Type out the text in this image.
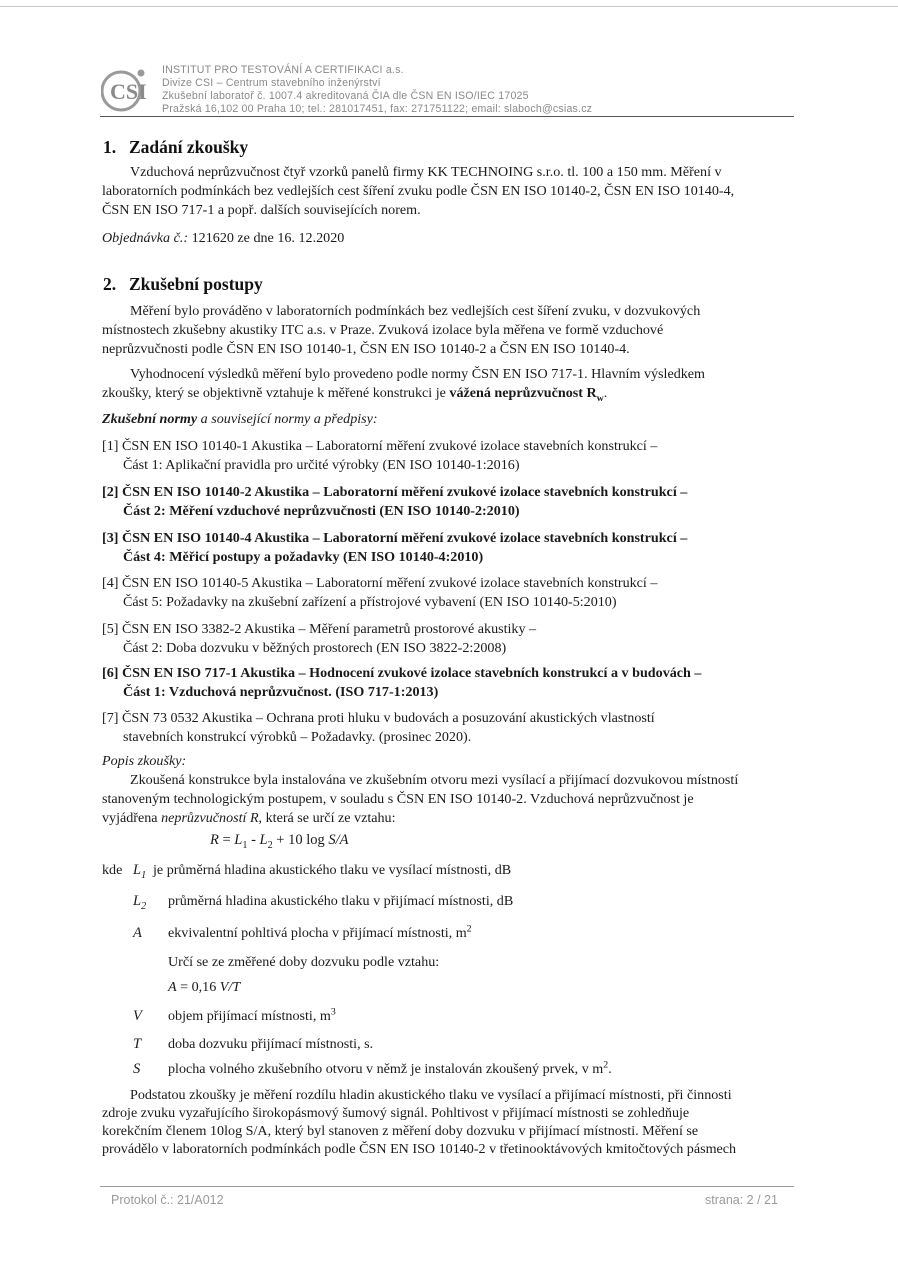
CSI
INSTITUT PRO TESTOVÁNÍ A CERTIFIKACI a.s.
Divize CSI – Centrum stavebního inženýrství
Zkušební laboratoř č. 1007.4 akreditovaná ČIA dle ČSN EN ISO/IEC 17025
Pražská 16,102 00 Praha 10; tel.: 281017451, fax: 271751122; email: slaboch@csias.cz
1. Zadání zkoušky
Vzduchová neprůzvučnost čtyř vzorků panelů firmy KK TECHNOING s.r.o. tl. 100 a 150 mm. Měření v
laboratorních podmínkách bez vedlejších cest šíření zvuku podle ČSN EN ISO 10140-2, ČSN EN ISO 10140-4,
ČSN EN ISO 717-1 a popř. dalších souvisejících norem.
Objednávka č.: 121620 ze dne 16. 12.2020
2. Zkušební postupy
Měření bylo prováděno v laboratorních podmínkách bez vedlejších cest šíření zvuku, v dozvukových
místnostech zkušebny akustiky ITC a.s. v Praze. Zvuková izolace byla měřena ve formě vzduchové
neprůzvučnosti podle ČSN EN ISO 10140-1, ČSN EN ISO 10140-2 a ČSN EN ISO 10140-4.
Vyhodnocení výsledků měření bylo provedeno podle normy ČSN EN ISO 717-1. Hlavním výsledkem
zkoušky, který se objektivně vztahuje k měřené konstrukci je vážená neprůzvučnost $R_w$.
Zkušební normy a související normy a předpisy:
[1] ČSN EN ISO 10140-1 Akustika – Laboratorní měření zvukové izolace stavebních konstrukcí –
Část 1: Aplikační pravidla pro určité výrobky (EN ISO 10140-1:2016)
[2] ČSN EN ISO 10140-2 Akustika – Laboratorní měření zvukové izolace stavebních konstrukcí –
Část 2: Měření vzduchové neprůzvučnosti (EN ISO 10140-2:2010)
[3] ČSN EN ISO 10140-4 Akustika – Laboratorní měření zvukové izolace stavebních konstrukcí –
Část 4: Měřicí postupy a požadavky (EN ISO 10140-4:2010)
[4] ČSN EN ISO 10140-5 Akustika – Laboratorní měření zvukové izolace stavebních konstrukcí –
Část 5: Požadavky na zkušební zařízení a přístrojové vybavení (EN ISO 10140-5:2010)
[5] ČSN EN ISO 3382-2 Akustika – Měření parametrů prostorové akustiky –
Část 2: Doba dozvuku v běžných prostorech (EN ISO 3822-2:2008)
[6] ČSN EN ISO 717-1 Akustika – Hodnocení zvukové izolace stavebních konstrukcí a v budovách –
Část 1: Vzduchová neprůzvučnost. (ISO 717-1:2013)
[7] ČSN 73 0532 Akustika – Ochrana proti hluku v budovách a posuzování akustických vlastností
stavebních konstrukcí výrobků – Požadavky. (prosinec 2020).
Popis zkoušky:
Zkoušená konstrukce byla instalována ve zkušebním otvoru mezi vysílací a přijímací dozvukovou místností
stanoveným technologickým postupem, v souladu s ČSN EN ISO 10140-2. Vzduchová neprůzvučnost je
vyjádřena neprůzvučností R, která se určí ze vztahu:
$R = L_1 - L_2 + 10$ log S/A
kde $L_1$ je průměrná hladina akustického tlaku ve vysílací místnosti, dB
$L_2$ průměrná hladina akustického tlaku v přijímací místnosti, dB
A ekvivalentní pohltivá plocha v přijímací místnosti, $m^2$
Určí se ze změřené doby dozvuku podle vztahu:
A = 0,16 V/T
V objem přijímací místnosti, $m^3$
T doba dozvuku přijímací místnosti, s.
S plocha volného zkušebního otvoru v němž je instalován zkoušený prvek, v $m^2$.
Podstatou zkoušky je měření rozdílu hladin akustického tlaku ve vysílací a přijímací místnosti, při činnosti
zdroje zvuku vyzařujícího širokopásmový šumový signál. Pohltivost v přijímací místnosti se zohledňuje
korekčním členem 10log S/A, který byl stanoven z měření doby dozvuku v přijímací místnosti. Měření se
provádělo v laboratorních podmínkách podle ČSN EN ISO 10140-2 v třetinooktávových kmitočtových pásmech
Protokol č.: 21/A012	strana: 2 / 21
